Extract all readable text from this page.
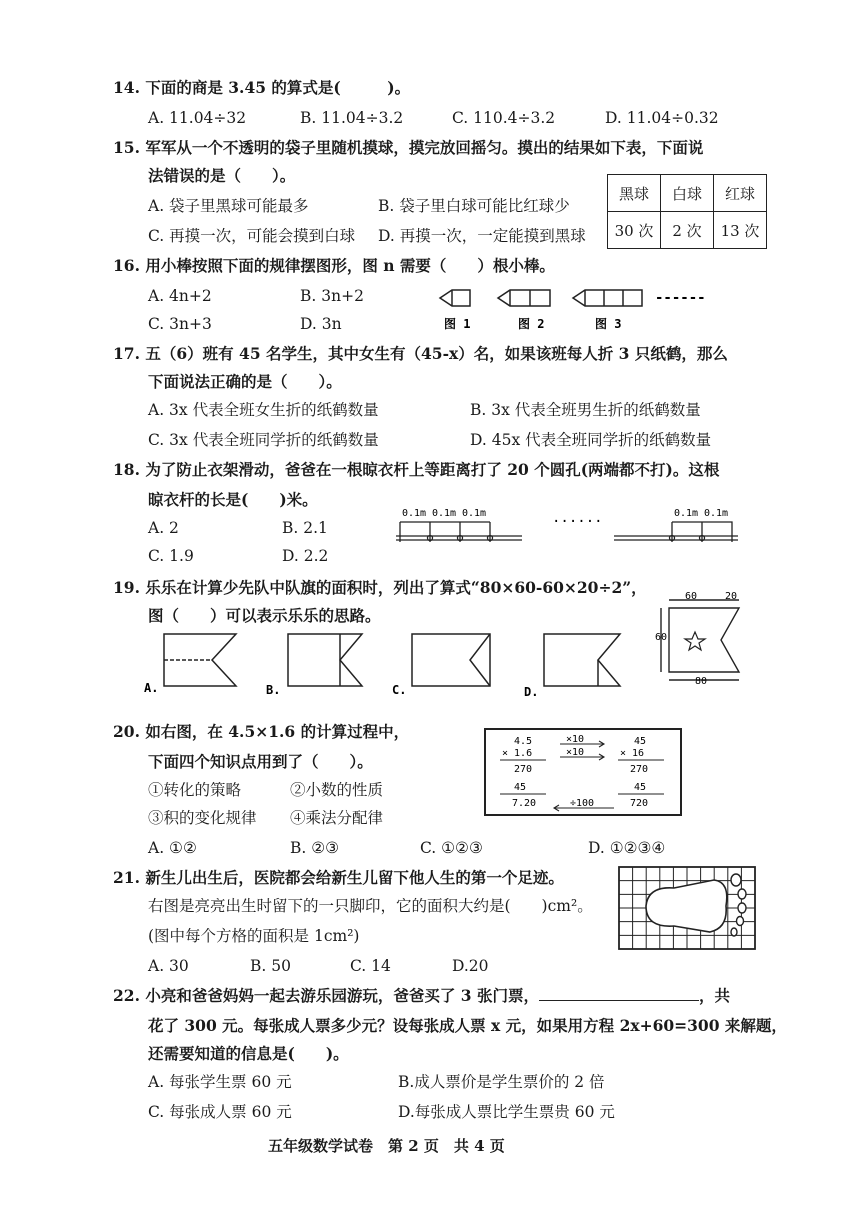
14. 下面的商是 3.45 的算式是(　　　)。
A. 11.04÷32	B. 11.04÷3.2	C. 110.4÷3.2	D. 11.04÷0.32
15. 军军从一个不透明的袋子里随机摸球，摸完放回摇匀。摸出的结果如下表，下面说
法错误的是（　　）。
A. 袋子里黑球可能最多	B. 袋子里白球可能比红球少
C. 再摸一次，可能会摸到白球 D. 再摸一次，一定能摸到黑球
黑球	白球	红球
30 次	2 次	13 次
16. 用小棒按照下面的规律摆图形，图 n 需要（　　）根小棒。
A. 4n+2	B. 3n+2
C. 3n+3	D. 3n
------
图 1	图 2	图 3
17. 五（6）班有 45 名学生，其中女生有（45-x）名，如果该班每人折 3 只纸鹤，那么
下面说法正确的是（　　）。
A. 3x 代表全班女生折的纸鹤数量	B. 3x 代表全班男生折的纸鹤数量
C. 3x 代表全班同学折的纸鹤数量	D. 45x 代表全班同学折的纸鹤数量
18. 为了防止衣架滑动，爸爸在一根晾衣杆上等距离打了 20 个圆孔(两端都不打)。这根
晾衣杆的长是(　　)米。
A. 2	B. 2.1
C. 1.9	D. 2.2
0.1m 0.1m 0.1m	0.1m 0.1m
······
19. 乐乐在计算少先队中队旗的面积时，列出了算式“80×60-60×20÷2”，
图（　　）可以表示乐乐的思路。
A.	B.	C.	D.
60	20
60
80
20. 如右图，在 4.5×1.6 的计算过程中，
下面四个知识点用到了（　　）。
①转化的策略	②小数的性质
③积的变化规律 ④乘法分配律
A. ①②	B. ②③	C. ①②③	D. ①②③④
4.5
× 1.6
270
45
7.20
45
× 16
270
45
720
×10
×10
÷100
21. 新生儿出生后，医院都会给新生儿留下他人生的第一个足迹。
右图是亮亮出生时留下的一只脚印，它的面积大约是(　　)cm²。
(图中每个方格的面积是 1cm²)
A. 30	B. 50	C. 14	D.20
22. 小亮和爸爸妈妈一起去游乐园游玩，爸爸买了 3 张门票，	，共
花了 300 元。每张成人票多少元？设每张成人票 x 元，如果用方程 2x+60=300 来解题，
还需要知道的信息是(　　)。
A. 每张学生票 60 元	B.成人票价是学生票价的 2 倍
C. 每张成人票 60 元	D.每张成人票比学生票贵 60 元
五年级数学试卷　第 2 页　共 4 页
